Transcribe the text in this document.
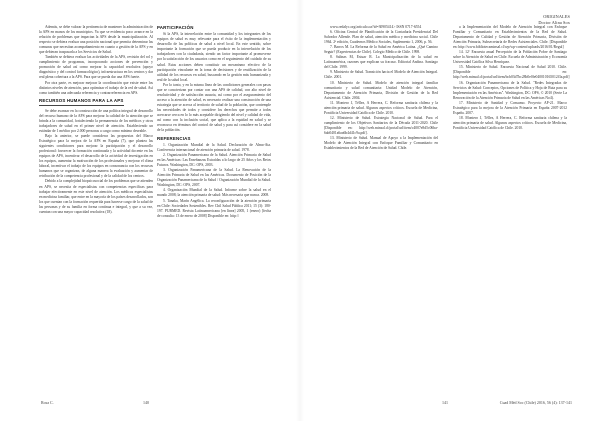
Además, se debe valorar la pertinencia de mantener la administración de la APS en manos de los municipios. Ya que se evidencia poco avance en la relación de problemas que impactan la APS desde la municipalización. Al respecto se debiera evaluar una posición nacional que permita determinar las comunas que necesitan acompañamiento en cuanto a gestión de la APS y en que debieran traspasarla a los Servicios de Salud.

También se debiera evaluar las actividades de la APS, revisión del rol y cumplimiento de programas, incorporando acciones de prevención y promoción de salud así como mejorar la capacidad resolutiva (apoyo diagnóstico y del control farmacológico), infraestructura en los centros y dar real plena cobertura a la APS. Para que se pueda dar una APS fuerte.

Por otra parte, es mejorar mejorar la coordinación que existe entre los distintos niveles de atención, para optimizar el trabajo de la red de salud. Así como también una adecuada referencia y contrarreferencia en APS.

RECURSOS HUMANOS PARA LA APS

Se debe avanzar en la construcción de una política integral de desarrollo del recurso humano de la APS para mejorar la calidad de la atención que se brinda a la comunidad, fortaleciendo la permanencia de los médicos y otros trabajadores de salud en el primer nivel de atención. Estableciendo un estándar de 1 médico por 2.000 personas a cargo como mínimo deseable.

Bajo la anterior, se puede considerar las propuestas del Marco Estratégico para la mejora de la APS en España (7), que plantea las siguientes condiciones para mejorar la participación y el desarrollo profesional: favorecer la formación continuada y la actividad docente en los equipos de APS, incentivar el desarrollo de la actividad de investigación en los equipos, aumentar la motivación de los profesionales y mejorar el clima laboral, incentivar el trabajo de los equipos en consonancia con los recursos humanos que se organizan, de alguna manera la evaluación y aumentar de retribución de la competencia profesional y de la calidad de los centros.

Debido a la complejidad biopsicosocial de los problemas que se atienden en APS, se necesita de especialistas con competencias específicas para trabajar efectivamente en este nivel de atención. Los médicos especialistas en medicina familiar, que entre en la mayoría de los países desarrollados, son los que cuentan con la formación requerida para hacerse cargo de la salud de las personas y de su familia en forma continua e integral, y que a su vez, cuentan con una mayor capacidad resolutiva (18).

PARTICIPACIÓN

Si la APS, la interrelación entre la comunidad y los integrantes de los equipos de salud es muy relevante para el éxito de la implementación y desarrollo de las políticas de salud a nivel local. En este sentido, sobre importante la formación que se pueda producir en la interrelación de los trabajadores con la ciudadanía, siendo un factor importante al promoverse por la satisfacción de los usuarios como en el seguimiento del cuidado de su salud. Estas acciones deben constituir un mecanismo efectivo de la participación vinculante en la toma de decisiones y de reutilización de la utilidad de los recursos en salud, buscando en la gestión más humanizada y real de la salud local.

Por lo tanto, y en la misma línea de las condiciones generales con pasos que se caracterizan por contar con una APS de calidad, con alto nivel de resolutividad y de satisfacción usuaria, así como por el aseguramiento del acceso a la atención de salud, es necesario realizar una construcción de una estrategia que se acerca al territorio de salud de la población, que contemple las necesidades de todos y considere los derechos que permite a todos acercarse cerca en lo lo más aceptable dirigiendo del nivel y calidad de vida, así como con la inclusión social, que aplica a la equidad en salud y se reconozca en términos del control de salud y para así considere en la salud de la población.

REFERENCIAS

1. Organización Mundial de la Salud. Declaración de Alma-Ata. Conferencia internacional de atención primaria de salud. 1978.

2. Organización Panamericana de la Salud. Atención Primaria de Salud en las Américas: Las Enseñanzas Extraídas a lo largo de 25 Años y los Retos Futuros. Washington, DC: OPS, 2003.

3. Organización Panamericana de la Salud. La Renovación de la Atención Primaria de Salud en las Américas. Documento de Posición de la Organización Panamericana de la Salud / Organización Mundial de la Salud. Washington, DC: OPS, 2007.

4. Organización Mundial de la Salud. Informe sobre la salud en el mundo 2008; la atención primaria de salud: Más necesaria que nunca. 2008.

5. Tanaka, Marín Angélica. La reconfiguración de la atención primaria en Chile: Sociedades Sostenibles. Rev Chil Salud Pública 2011; 15 (3): 180-197. PUBMED. Revista Latinoamericana [en línea] 2005, 1 (enero) [fecha de consulta: 13 de enero de 2008] Disponible en: http://

Rosa C.	140
ORIGINALES
Doctor Alina Sox

www.redalyc.org/articulo.oa?id=30905414> ISSN 0717-6554

6. Oficina Central de Planificación de la Contaduría Presidencial Del Salvador Allende. Plan de salud, atención médica y medicina social. Chile 1964. 2ª edición, Cuadernos Médico Sociales, Suplemento 1, 2006, p. 56.

7. Barros M. La Reforma de la Salud en América Latina. ¿Qué Camino Seguir? (Experiencias de Chile). Colegio Médico de Chile. 1998.

8. Salinas M, Estuar R. La Municipalización de la salud en Latinoamérica, razones que explican su fracaso. Editorial Andina. Santiago del Chile. 1999.

9. Ministerio de Salud. Transición hacia el Modelo de Atención Integral. Chile. 2001.

10. Ministerio de Salud. Modelo de atención integral familiar comunitario y salud comunitaria: Unidad Modelo de Atención, Departamento de Atención Primaria, División de Gestión de la Red Asistencial. Chile. 2004.

11. Montero J, Téllez, A Herrera, C. Reforma sanitaria chilena y la atención primaria de salud. Algunos aspectos críticos. Escuela de Medicina, Pontificia Universidad Católica de Chile. 2010.

12. Ministerio de Salud. Estrategia Nacional de Salud. Para el cumplimiento de los Objetivos Sanitarios de la Década 2011-2020. Chile [Disponible en: http://web.minsal.cl/portal/url/item/c4007e8d5c06ba-6ab0401a6aa6b4d41c9a.pdf].

13. Ministerio de Salud. Manual de Apoyo a la Implementación del Modelo de Atención Integral con Enfoque Familiar y Comunitario en Establecimientos de la Red de Atención de Salud. Chile.

a la Implementación del Modelo de Atención Integral con Enfoque Familiar y Comunitario en Establecimientos de la Red de Salud. Departamento de Calidad y Gestión de Atención Primaria, División de Atención Primaria, Subsecretaría de Redes Asistenciales. Chile. [Disponible en: http://www.bibliotecaminsal.cl/wp/wp-content/uploads/2016/01/Regul]

14. 12º Encuesta anual Percepción de la Población Pobre de Santiago sobre la Atención de Salud en Chile. Escuela de Administración y Economía Universidad Católica Silva Henríquez.

15. Ministerio de Salud. Encuesta Nacional de Salud 2010. Chile. [Disponible en: http://web.minsal.cl/portal/url/item/bcb03d7bc28b0e0fe040010165012f3a.pdf]

16. Organización Panamericana de la Salud. "Redes Integradas de Servicios de Salud: Conceptos, Opciones de Política y Hoja de Ruta para su Implementación en las Américas". Washington, DC: OPS, © 2010 (Serie La Renovación de la Atención Primaria de Salud en las Américas No4).

17. Ministerio de Sanidad y Consumo. Proyecto AP-21. Marco Estratégico para la mejora de la Atención Primaria en España 2007-2012 España. 2007.

18. Montero J, Téllez, A Herrera, C. Reforma sanitaria chilena y la atención primaria de salud. Algunos aspectos críticos. Escuela de Medicina, Pontificia Universidad Católica de Chile. 2010.

141	Cuad Méd Soc (Chile) 2016, 56 (4): 137-141
